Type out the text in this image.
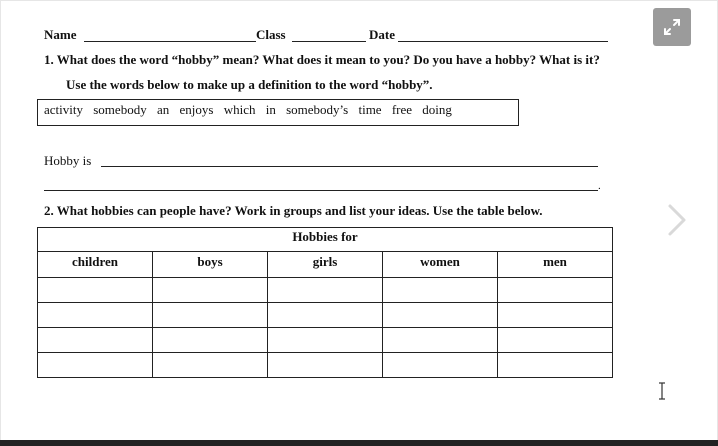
Name	Class	Date
1. What does the word “hobby” mean? What does it mean to you? Do you have a hobby? What is it?
Use the words below to make up a definition to the word “hobby”.
activity somebody an enjoys which in somebody’s time free doing
Hobby is
.
2. What hobbies can people have? Work in groups and list your ideas. Use the table below.
Hobbies for				
children	boys	girls	women	men
